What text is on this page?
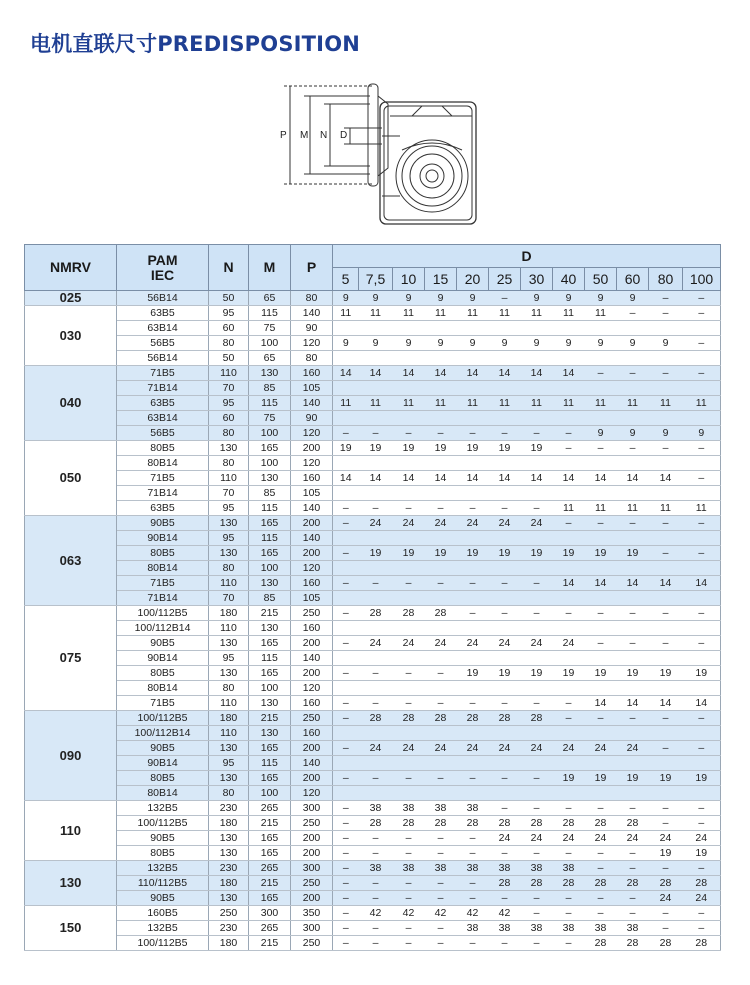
电机直联尺寸PREDISPOSITION
P M N D
NMRV	PAM
IEC	N	M	P	D											
					5	7,5	10	15	20	25	30	40	50	60	80	100
025	56B14	50	65	80	9	9	9	9	9	–	9	9	9	9	–	–
030	63B5	95	115	140	11	11	11	11	11	11	11	11	11	–	–	–
	63B14	60	75	90												
	56B5	80	100	120	9	9	9	9	9	9	9	9	9	9	9	–
	56B14	50	65	80												
040	71B5	110	130	160	14	14	14	14	14	14	14	14	–	–	–	–
	71B14	70	85	105												
	63B5	95	115	140	11	11	11	11	11	11	11	11	11	11	11	11
	63B14	60	75	90												
	56B5	80	100	120	–	–	–	–	–	–	–	–	9	9	9	9
050	80B5	130	165	200	19	19	19	19	19	19	19	–	–	–	–	–
	80B14	80	100	120												
	71B5	110	130	160	14	14	14	14	14	14	14	14	14	14	14	–
	71B14	70	85	105												
	63B5	95	115	140	–	–	–	–	–	–	–	11	11	11	11	11
063	90B5	130	165	200	–	24	24	24	24	24	24	–	–	–	–	–
	90B14	95	115	140												
	80B5	130	165	200	–	19	19	19	19	19	19	19	19	19	–	–
	80B14	80	100	120												
	71B5	110	130	160	–	–	–	–	–	–	–	14	14	14	14	14
	71B14	70	85	105												
075	100/112B5	180	215	250	–	28	28	28	–	–	–	–	–	–	–	–
	100/112B14	110	130	160												
	90B5	130	165	200	–	24	24	24	24	24	24	24	–	–	–	–
	90B14	95	115	140												
	80B5	130	165	200	–	–	–	–	19	19	19	19	19	19	19	19
	80B14	80	100	120												
	71B5	110	130	160	–	–	–	–	–	–	–	–	14	14	14	14
090	100/112B5	180	215	250	–	28	28	28	28	28	28	–	–	–	–	–
	100/112B14	110	130	160												
	90B5	130	165	200	–	24	24	24	24	24	24	24	24	24	–	–
	90B14	95	115	140												
	80B5	130	165	200	–	–	–	–	–	–	–	19	19	19	19	19
	80B14	80	100	120												
110	132B5	230	265	300	–	38	38	38	38	–	–	–	–	–	–	–
	100/112B5	180	215	250	–	28	28	28	28	28	28	28	28	28	–	–
	90B5	130	165	200	–	–	–	–	–	24	24	24	24	24	24	24
	80B5	130	165	200	–	–	–	–	–	–	–	–	–	–	19	19
130	132B5	230	265	300	–	38	38	38	38	38	38	38	–	–	–	–
	110/112B5	180	215	250	–	–	–	–	–	28	28	28	28	28	28	28
	90B5	130	165	200	–	–	–	–	–	–	–	–	–	–	24	24
150	160B5	250	300	350	–	42	42	42	42	42	–	–	–	–	–	–
	132B5	230	265	300	–	–	–	–	38	38	38	38	38	38	–	–
	100/112B5	180	215	250	–	–	–	–	–	–	–	–	28	28	28	28
